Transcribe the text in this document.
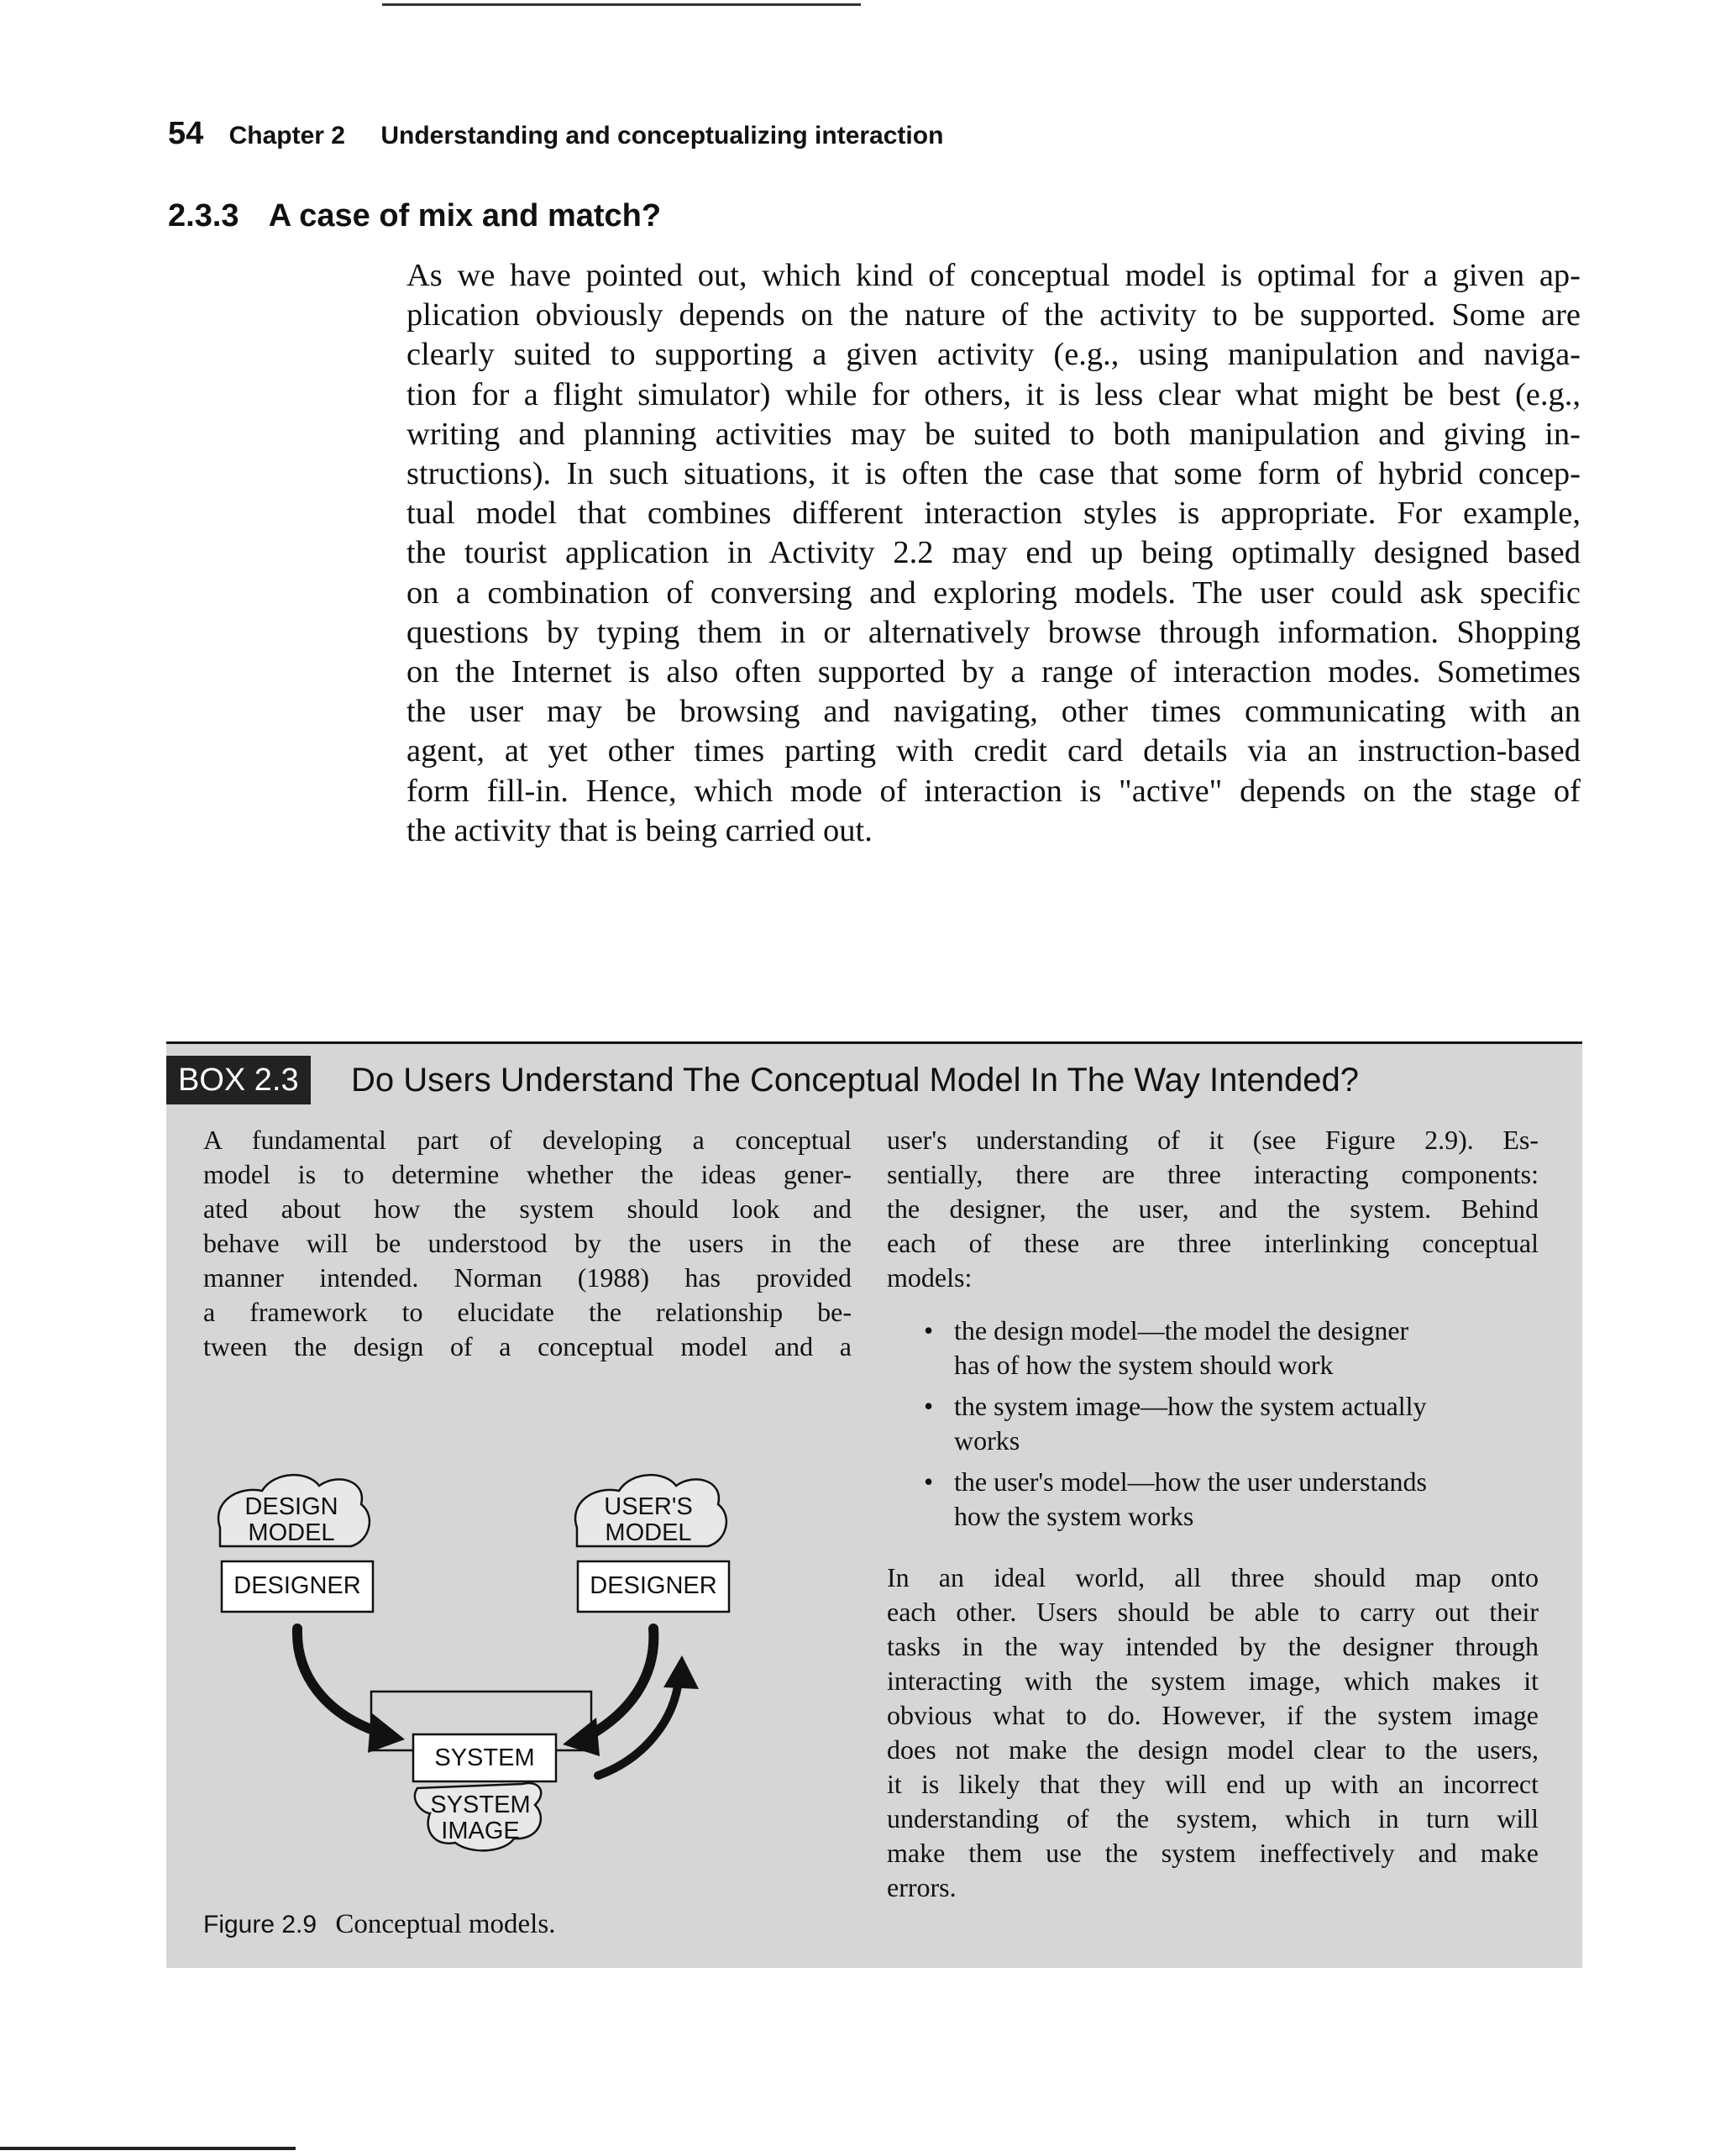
54 Chapter 2 Understanding and conceptualizing interaction
2.3.3 A case of mix and match?

As we have pointed out, which kind of conceptual model is optimal for a given ap-
plication obviously depends on the nature of the activity to be supported. Some are
clearly suited to supporting a given activity (e.g., using manipulation and naviga-
tion for a flight simulator) while for others, it is less clear what might be best (e.g.,
writing and planning activities may be suited to both manipulation and giving in-
structions). In such situations, it is often the case that some form of hybrid concep-
tual model that combines different interaction styles is appropriate. For example,
the tourist application in Activity 2.2 may end up being optimally designed based
on a combination of conversing and exploring models. The user could ask specific
questions by typing them in or alternatively browse through information. Shopping
on the Internet is also often supported by a range of interaction modes. Sometimes
the user may be browsing and navigating, other times communicating with an
agent, at yet other times parting with credit card details via an instruction-based
form fill-in. Hence, which mode of interaction is "active" depends on the stage of
the activity that is being carried out.

BOX 2.3	Do Users Understand The Conceptual Model In The Way Intended?
A fundamental part of developing a conceptual
model is to determine whether the ideas gener-
ated about how the system should look and
behave will be understood by the users in the
manner intended. Norman (1988) has provided
a framework to elucidate the relationship be-
tween the design of a conceptual model and a

user's understanding of it (see Figure 2.9). Es-
sentially, there are three interacting components:
the designer, the user, and the system. Behind
each of these are three interlinking conceptual
models:

• the design model—the model the designer
has of how the system should work
• the system image—how the system actually
works
• the user's model—how the user understands
how the system works

In an ideal world, all three should map onto
each other. Users should be able to carry out their
tasks in the way intended by the designer through
interacting with the system image, which makes it
obvious what to do. However, if the system image
does not make the design model clear to the users,
it is likely that they will end up with an incorrect
understanding of the system, which in turn will
make them use the system ineffectively and make
errors.

DESIGN
MODEL
USER'S
MODEL
DESIGNER	DESIGNER
SYSTEM
SYSTEM
IMAGE
Figure 2.9 Conceptual models.
